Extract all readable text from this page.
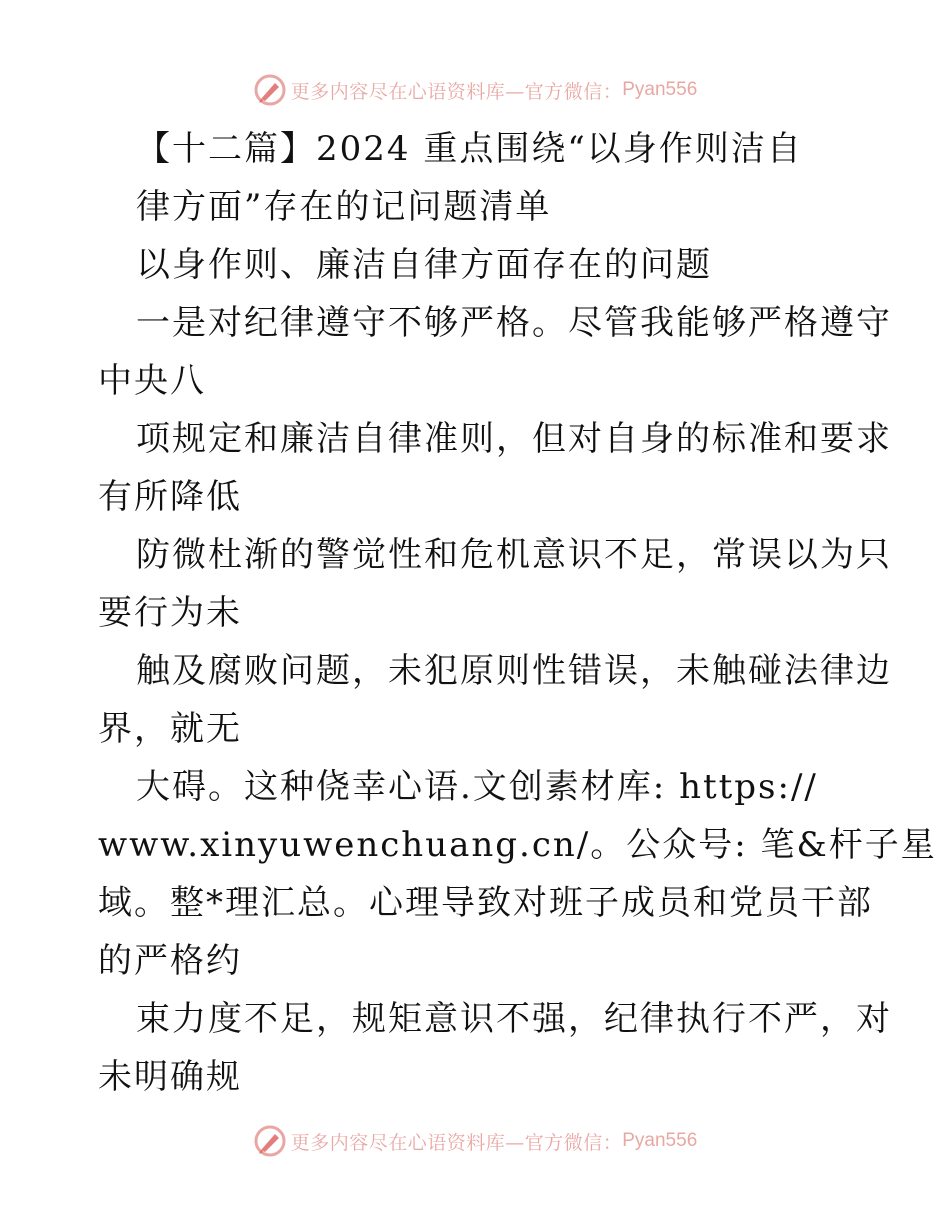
更多内容尽在心语资料库—官方微信： Pyan556
【十二篇】2024 重点围绕“以身作则洁自
律方面”存在的记问题清单
以身作则、廉洁自律方面存在的问题
一是对纪律遵守不够严格。尽管我能够严格遵守
中央八
项规定和廉洁自律准则，但对自身的标准和要求
有所降低
防微杜渐的警觉性和危机意识不足，常误以为只
要行为未
触及腐败问题，未犯原则性错误，未触碰法律边
界，就无
大碍。这种侥幸心语.文创素材库: https://
www.xinyuwenchuang.cn/。公众号: 笔&杆子星
域。整*理汇总。心理导致对班子成员和党员干部
的严格约
束力度不足，规矩意识不强，纪律执行不严，对
未明确规
更多内容尽在心语资料库—官方微信： Pyan556
